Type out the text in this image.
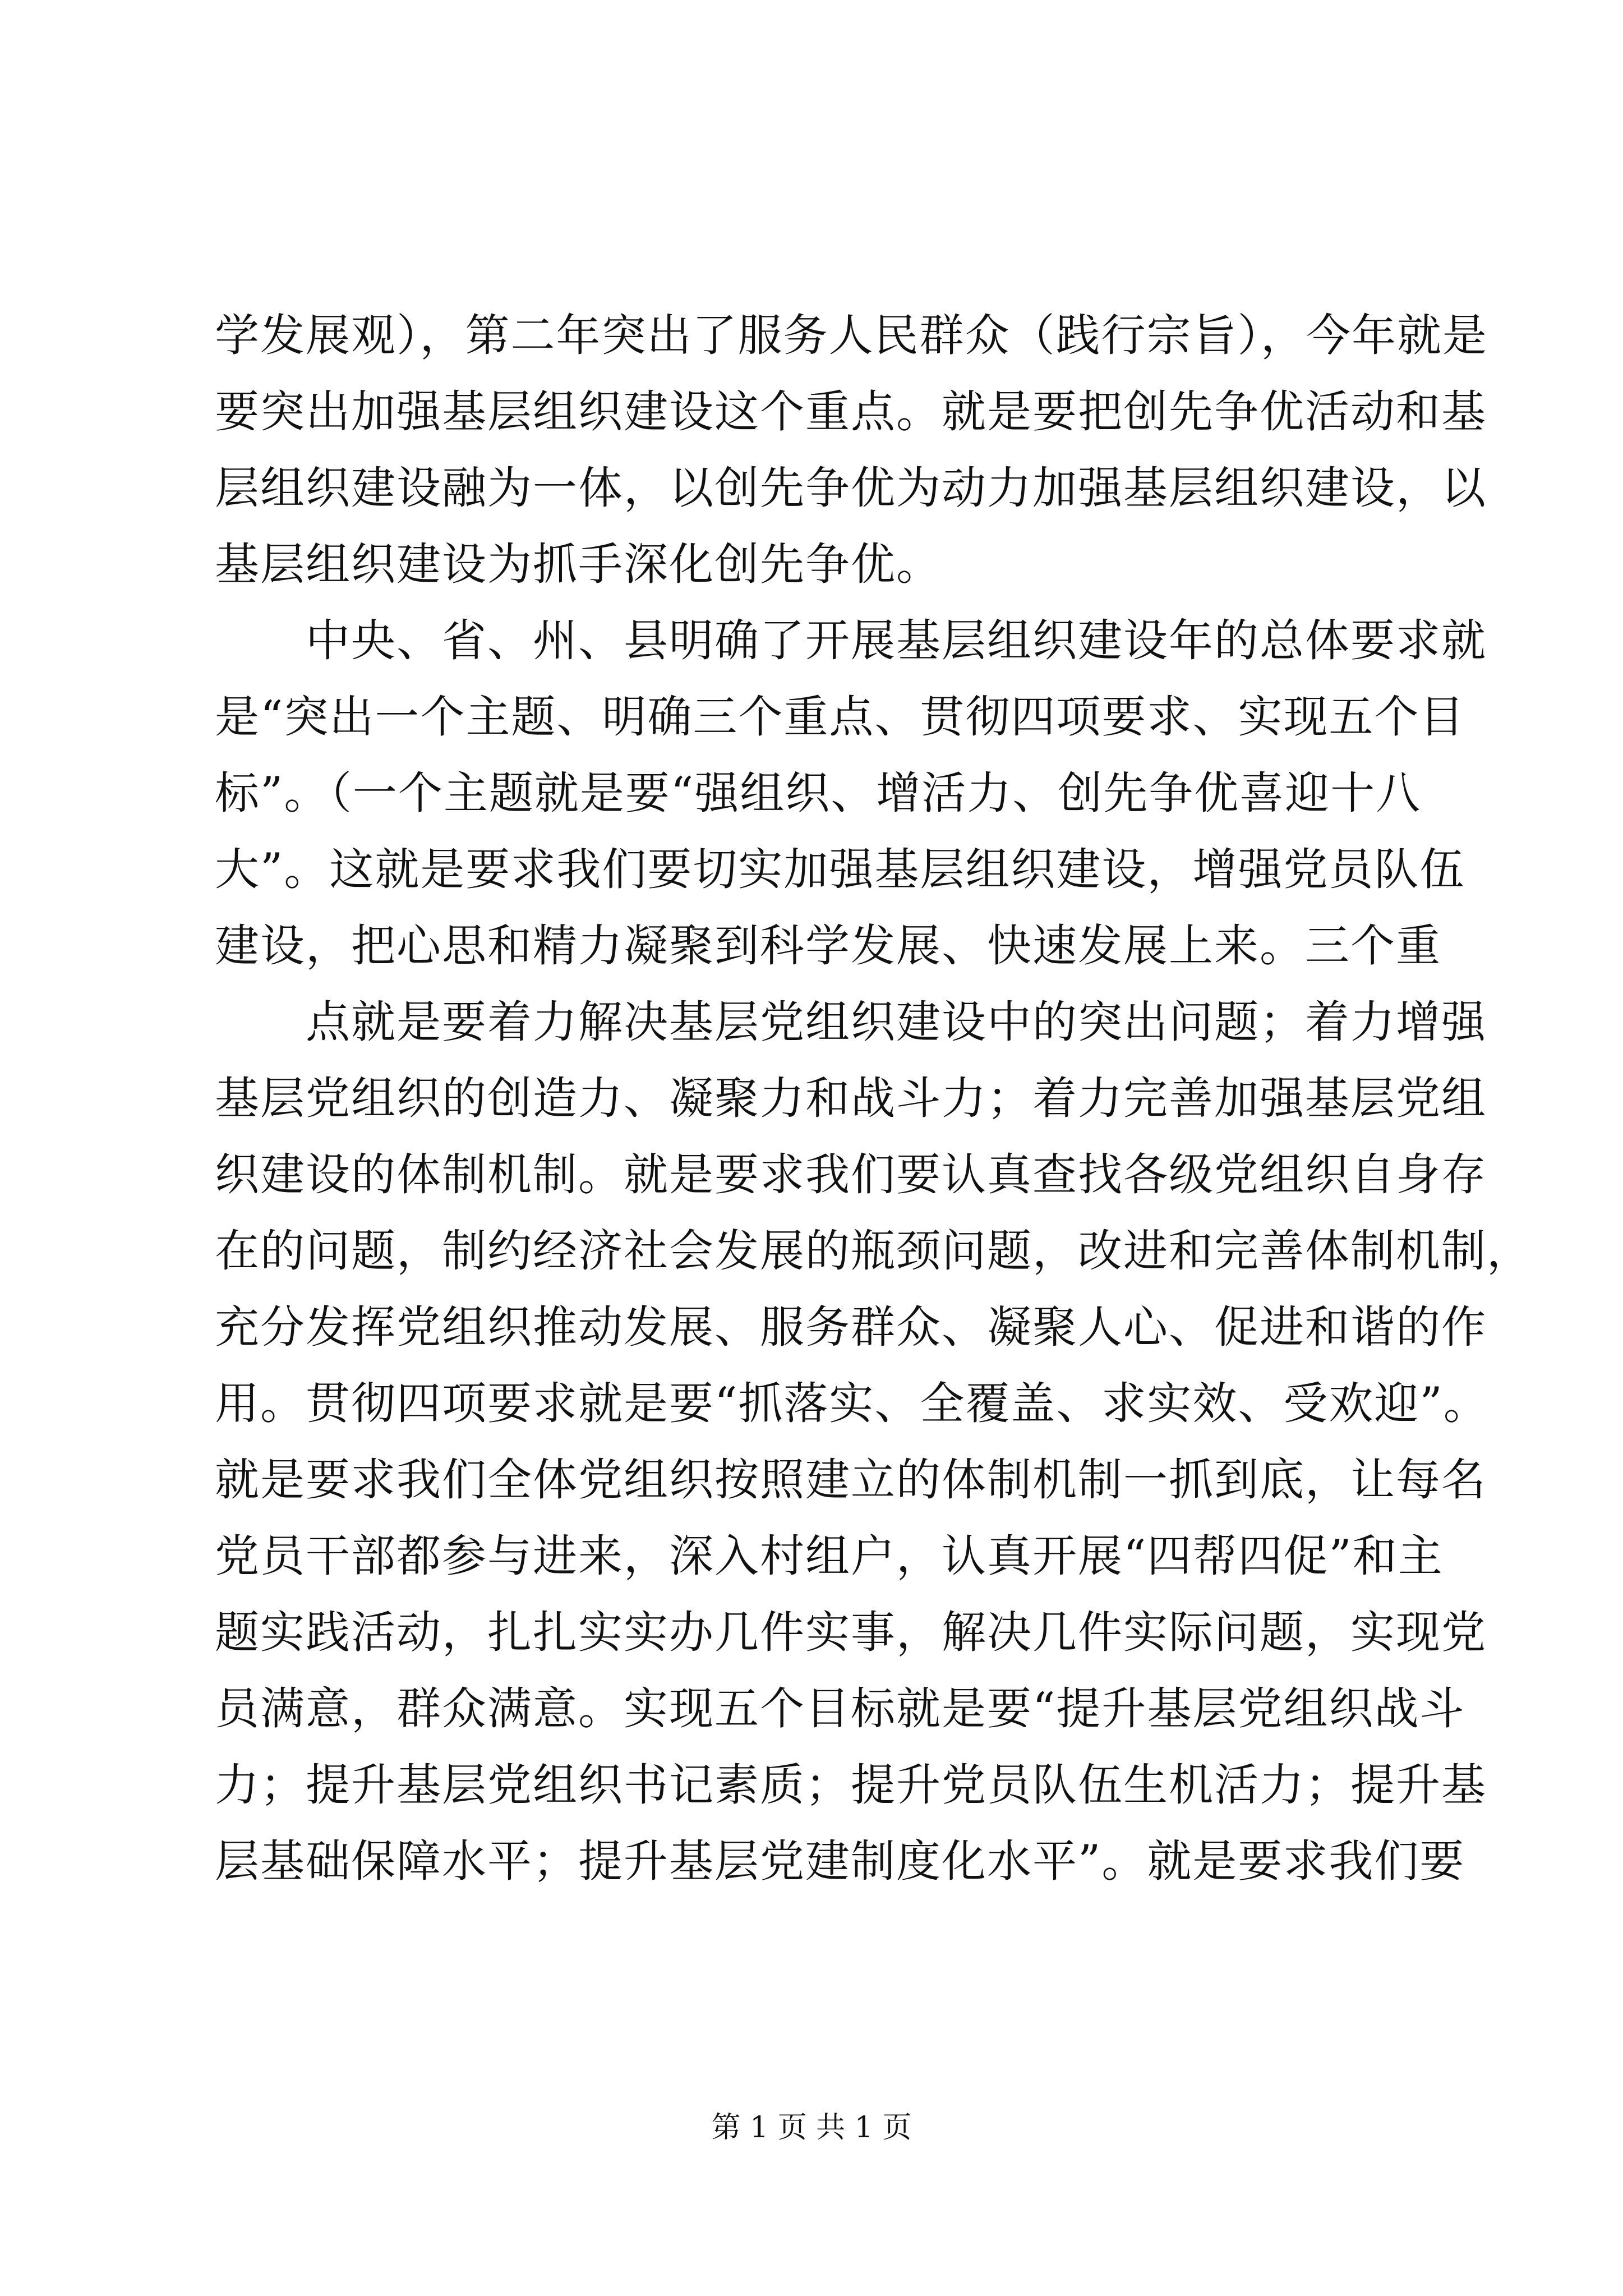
学发展观），第二年突出了服务人民群众（践行宗旨），今年就是
要突出加强基层组织建设这个重点。就是要把创先争优活动和基
层组织建设融为一体，以创先争优为动力加强基层组织建设，以
基层组织建设为抓手深化创先争优。
中央、省、州、县明确了开展基层组织建设年的总体要求就
是“突出一个主题、明确三个重点、贯彻四项要求、实现五个目
标”。（一个主题就是要“强组织、增活力、创先争优喜迎十八
大”。这就是要求我们要切实加强基层组织建设，增强党员队伍
建设，把心思和精力凝聚到科学发展、快速发展上来。三个重
点就是要着力解决基层党组织建设中的突出问题；着力增强
基层党组织的创造力、凝聚力和战斗力；着力完善加强基层党组
织建设的体制机制。就是要求我们要认真查找各级党组织自身存
在的问题，制约经济社会发展的瓶颈问题，改进和完善体制机制，
充分发挥党组织推动发展、服务群众、凝聚人心、促进和谐的作
用。贯彻四项要求就是要“抓落实、全覆盖、求实效、受欢迎”。
就是要求我们全体党组织按照建立的体制机制一抓到底，让每名
党员干部都参与进来，深入村组户，认真开展“四帮四促”和主
题实践活动，扎扎实实办几件实事，解决几件实际问题，实现党
员满意，群众满意。实现五个目标就是要“提升基层党组织战斗
力；提升基层党组织书记素质；提升党员队伍生机活力；提升基
层基础保障水平；提升基层党建制度化水平”。就是要求我们要
第 1 页 共 1 页
